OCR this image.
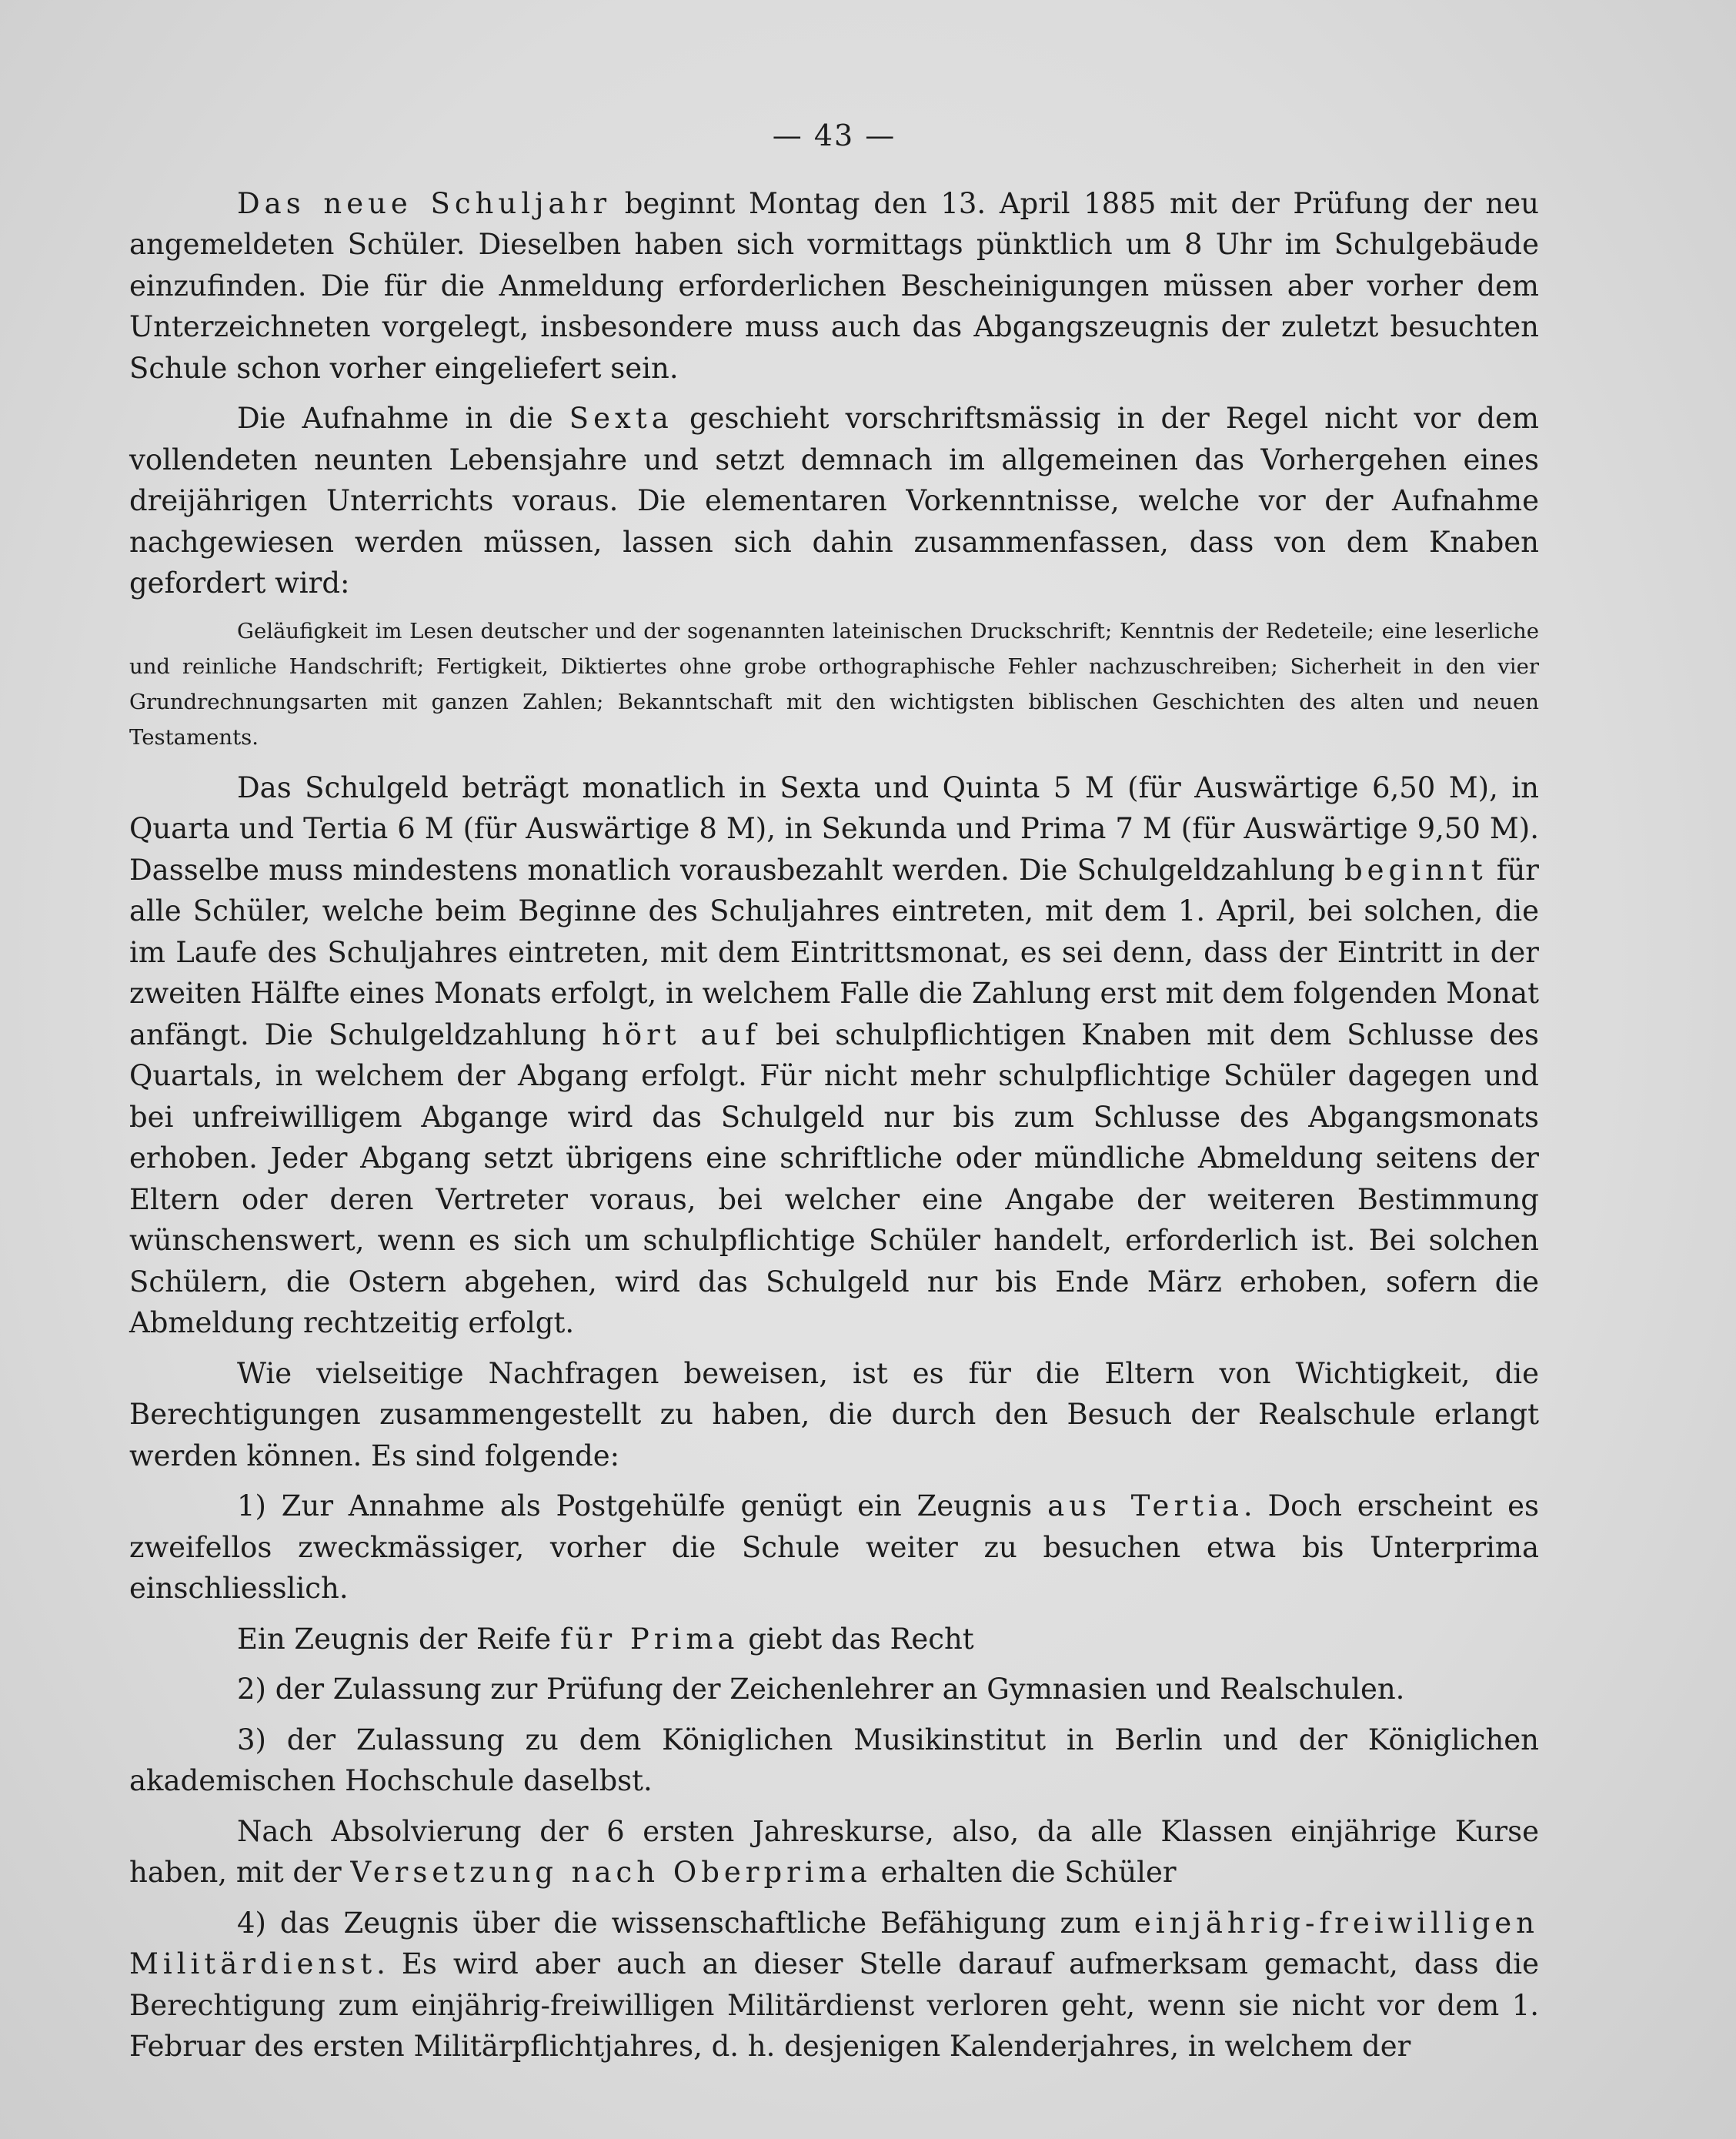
— 43 —

Das neue Schuljahr beginnt Montag den 13. April 1885 mit der Prüfung der neu angemeldeten Schüler. Dieselben haben sich vormittags pünktlich um 8 Uhr im Schulgebäude einzufinden. Die für die Anmeldung erforderlichen Bescheinigungen müssen aber vorher dem Unterzeichneten vorgelegt, insbesondere muss auch das Abgangszeugnis der zuletzt besuchten Schule schon vorher eingeliefert sein.

Die Aufnahme in die Sexta geschieht vorschriftsmässig in der Regel nicht vor dem vollendeten neunten Lebensjahre und setzt demnach im allgemeinen das Vorhergehen eines dreijährigen Unterrichts voraus. Die elementaren Vorkenntnisse, welche vor der Aufnahme nachgewiesen werden müssen, lassen sich dahin zusammenfassen, dass von dem Knaben gefordert wird:

Geläufigkeit im Lesen deutscher und der sogenannten lateinischen Druckschrift; Kenntnis der Redeteile; eine leserliche und reinliche Handschrift; Fertigkeit, Diktiertes ohne grobe orthographische Fehler nachzuschreiben; Sicherheit in den vier Grundrechnungsarten mit ganzen Zahlen; Bekanntschaft mit den wichtigsten biblischen Geschichten des alten und neuen Testaments.

Das Schulgeld beträgt monatlich in Sexta und Quinta 5 M (für Auswärtige 6,50 M), in Quarta und Tertia 6 M (für Auswärtige 8 M), in Sekunda und Prima 7 M (für Auswärtige 9,50 M). Dasselbe muss mindestens monatlich vorausbezahlt werden. Die Schulgeldzahlung beginnt für alle Schüler, welche beim Beginne des Schuljahres eintreten, mit dem 1. April, bei solchen, die im Laufe des Schuljahres eintreten, mit dem Eintrittsmonat, es sei denn, dass der Eintritt in der zweiten Hälfte eines Monats erfolgt, in welchem Falle die Zahlung erst mit dem folgenden Monat anfängt. Die Schulgeldzahlung hört auf bei schulpflichtigen Knaben mit dem Schlusse des Quartals, in welchem der Abgang erfolgt. Für nicht mehr schulpflichtige Schüler dagegen und bei unfreiwilligem Abgange wird das Schulgeld nur bis zum Schlusse des Abgangsmonats erhoben. Jeder Abgang setzt übrigens eine schriftliche oder mündliche Abmeldung seitens der Eltern oder deren Vertreter voraus, bei welcher eine Angabe der weiteren Bestimmung wünschenswert, wenn es sich um schulpflichtige Schüler handelt, erforderlich ist. Bei solchen Schülern, die Ostern abgehen, wird das Schulgeld nur bis Ende März erhoben, sofern die Abmeldung rechtzeitig erfolgt.

Wie vielseitige Nachfragen beweisen, ist es für die Eltern von Wichtigkeit, die Berechtigungen zusammengestellt zu haben, die durch den Besuch der Realschule erlangt werden können. Es sind folgende:

1) Zur Annahme als Postgehülfe genügt ein Zeugnis aus Tertia. Doch erscheint es zweifellos zweckmässiger, vorher die Schule weiter zu besuchen etwa bis Unterprima einschliesslich.

Ein Zeugnis der Reife für Prima giebt das Recht

2) der Zulassung zur Prüfung der Zeichenlehrer an Gymnasien und Realschulen.

3) der Zulassung zu dem Königlichen Musikinstitut in Berlin und der Königlichen akademischen Hochschule daselbst.

Nach Absolvierung der 6 ersten Jahreskurse, also, da alle Klassen einjährige Kurse haben, mit der Versetzung nach Oberprima erhalten die Schüler

4) das Zeugnis über die wissenschaftliche Befähigung zum einjährig-freiwilligen Militärdienst. Es wird aber auch an dieser Stelle darauf aufmerksam gemacht, dass die Berechtigung zum einjährig-freiwilligen Militärdienst verloren geht, wenn sie nicht vor dem 1. Februar des ersten Militärpflichtjahres, d. h. desjenigen Kalenderjahres, in welchem der
